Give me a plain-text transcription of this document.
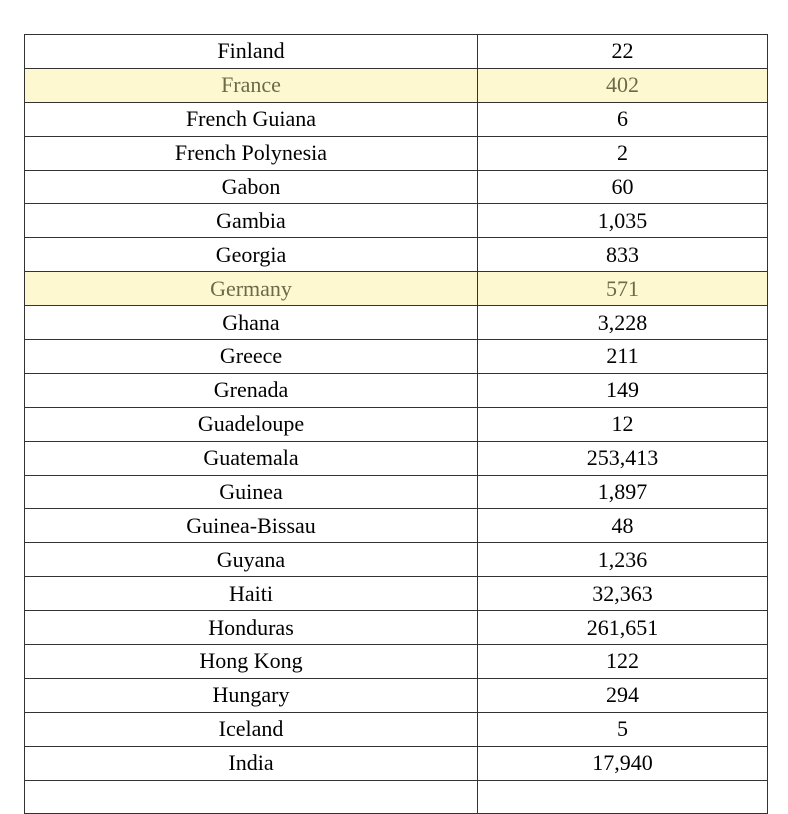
Finland	22
France	402
French Guiana	6
French Polynesia	2
Gabon	60
Gambia	1,035
Georgia	833
Germany	571
Ghana	3,228
Greece	211
Grenada	149
Guadeloupe	12
Guatemala	253,413
Guinea	1,897
Guinea-Bissau	48
Guyana	1,236
Haiti	32,363
Honduras	261,651
Hong Kong	122
Hungary	294
Iceland	5
India	17,940
